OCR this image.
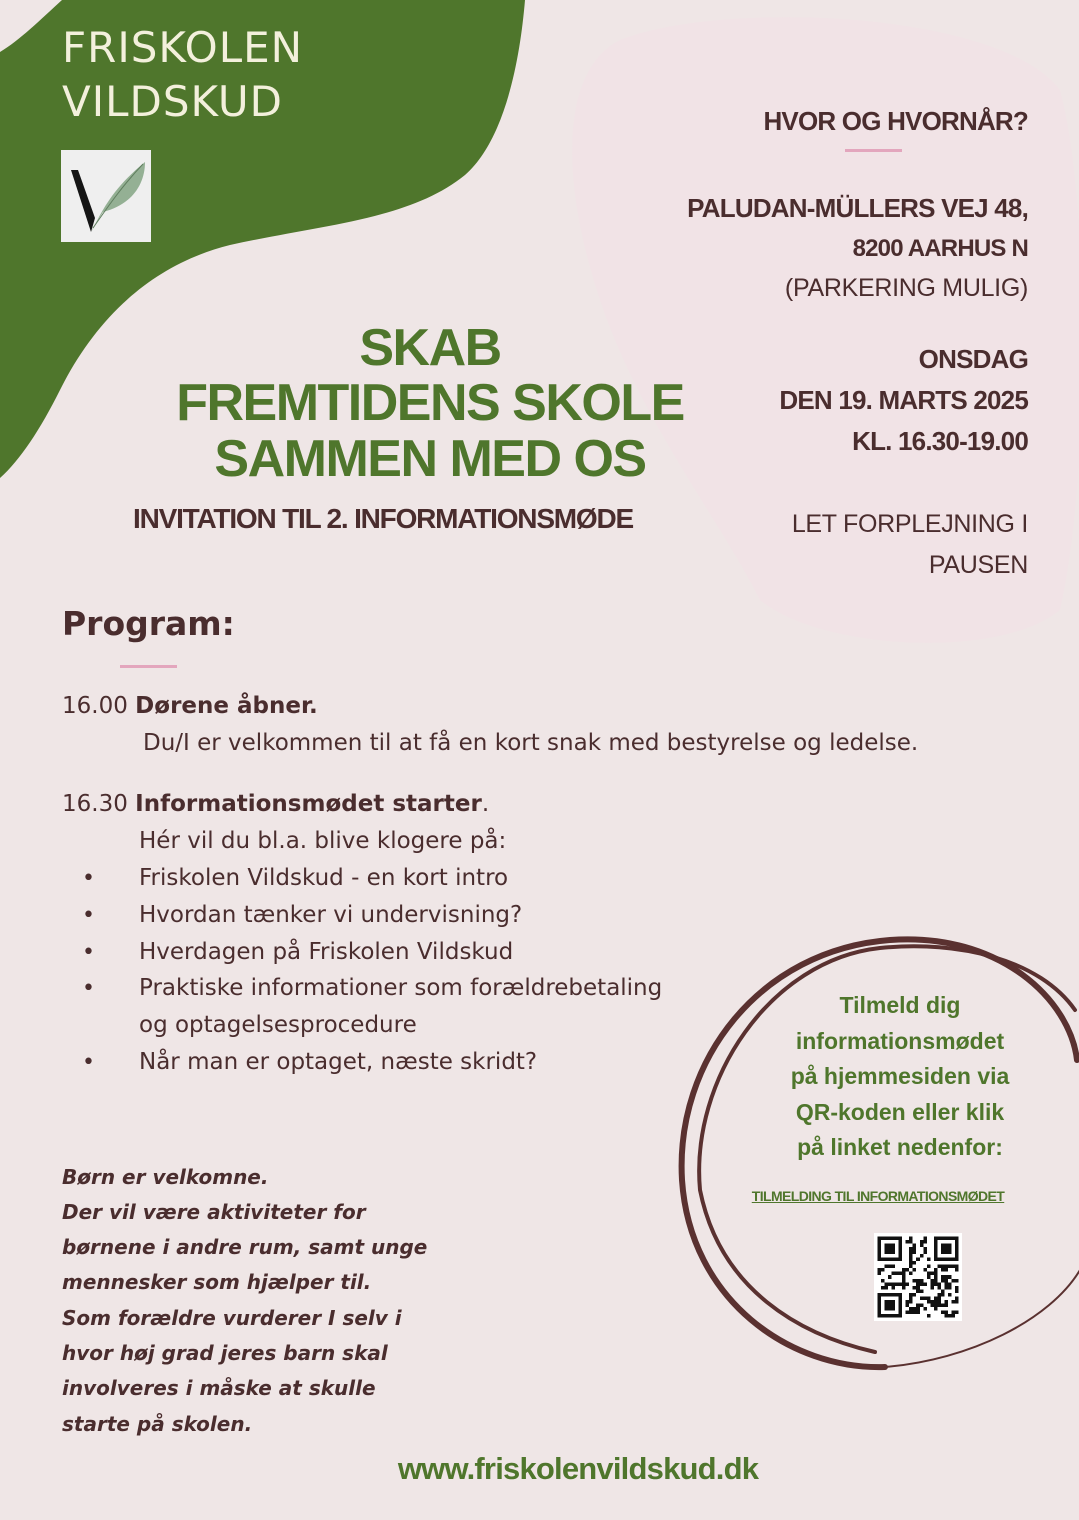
FRISKOLEN
VILDSKUD	HVOR OG HVORNÅR?
PALUDAN-MÜLLERS VEJ 48,
8200 AARHUS N
(PARKERING MULIG)
ONSDAG
DEN 19. MARTS 2025
KL. 16.30-19.00
LET FORPLEJNING I
PAUSEN
SKAB
FREMTIDENS SKOLE
SAMMEN MED OS
INVITATION TIL 2. INFORMATIONSMØDE
Program:
16.00 Dørene åbner.
Du/I er velkommen til at få en kort snak med bestyrelse og ledelse.
16.30 Informationsmødet starter.
Hér vil du bl.a. blive klogere på:
• Friskolen Vildskud - en kort intro
• Hvordan tænker vi undervisning?
• Hverdagen på Friskolen Vildskud
• Praktiske informationer som forældrebetaling
og optagelsesprocedure
• Når man er optaget, næste skridt?
Børn er velkomne.
Der vil være aktiviteter for
børnene i andre rum, samt unge
mennesker som hjælper til.
Som forældre vurderer I selv i
hvor høj grad jeres barn skal
involveres i måske at skulle
starte på skolen.
Tilmeld dig
informationsmødet
på hjemmesiden via
QR-koden eller klik
på linket nedenfor:
TILMELDING TIL INFORMATIONSMØDET
www.friskolenvildskud.dk
